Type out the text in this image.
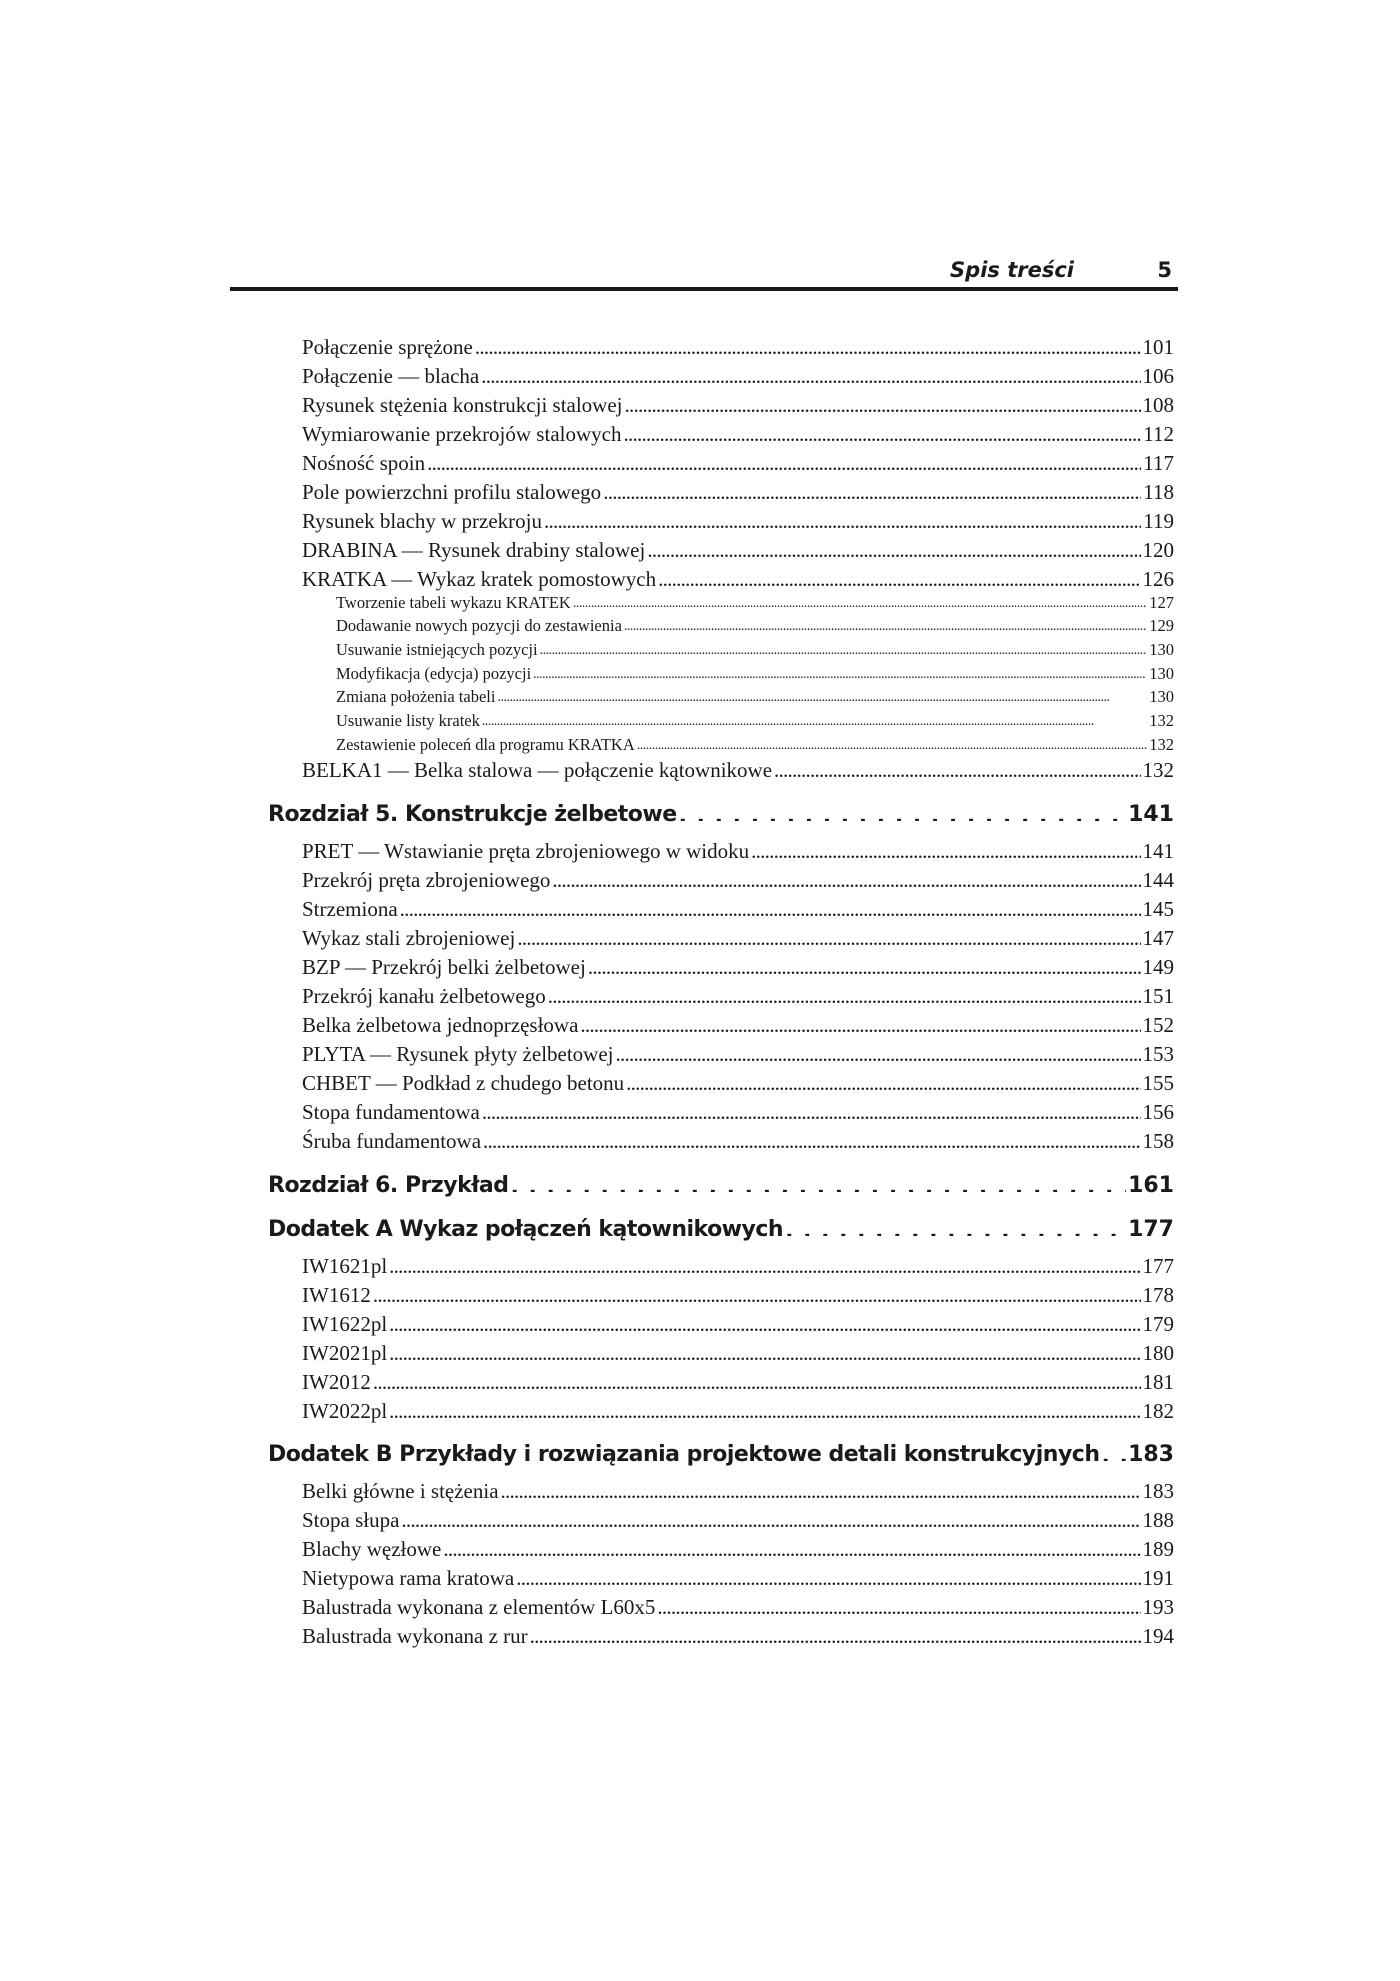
Spis treści	5
Połączenie sprężone . . .	101
Połączenie — blacha . . .	106
Rysunek stężenia konstrukcji stalowej . . .	108
Wymiarowanie przekrojów stalowych . . .	112
Nośność spoin . . .	117
Pole powierzchni profilu stalowego . . .	118
Rysunek blachy w przekroju . . .	119
DRABINA — Rysunek drabiny stalowej . . .	120
KRATKA — Wykaz kratek pomostowych . . .	126
Tworzenie tabeli wykazu KRATEK . . .	127
Dodawanie nowych pozycji do zestawienia . . .	129
Usuwanie istniejących pozycji . . .	130
Modyfikacja (edycja) pozycji . . .	130
Zmiana położenia tabeli . . .	130
Usuwanie listy kratek . . .	132
Zestawienie poleceń dla programu KRATKA . . .	132
BELKA1 — Belka stalowa — połączenie kątownikowe . . .	132
Rozdział 5. Konstrukcje żelbetowe . . .	141
PRET — Wstawianie pręta zbrojeniowego w widoku . . .	141
Przekrój pręta zbrojeniowego . . .	144
Strzemiona . . .	145
Wykaz stali zbrojeniowej . . .	147
BZP — Przekrój belki żelbetowej . . .	149
Przekrój kanału żelbetowego . . .	151
Belka żelbetowa jednoprzęsłowa . . .	152
PLYTA — Rysunek płyty żelbetowej . . .	153
CHBET — Podkład z chudego betonu . . .	155
Stopa fundamentowa . . .	156
Śruba fundamentowa . . .	158
Rozdział 6. Przykład . . .	161
Dodatek A Wykaz połączeń kątownikowych . . .	177
IW1621pl . . .	177
IW1612 . . .	178
IW1622pl . . .	179
IW2021pl . . .	180
IW2012 . . .	181
IW2022pl . . .	182
Dodatek B Przykłady i rozwiązania projektowe detali konstrukcyjnych . . . 183
Belki główne i stężenia . . .	183
Stopa słupa . . .	188
Blachy węzłowe . . .	189
Nietypowa rama kratowa . . .	191
Balustrada wykonana z elementów L60x5 . . .	193
Balustrada wykonana z rur . . .	194
